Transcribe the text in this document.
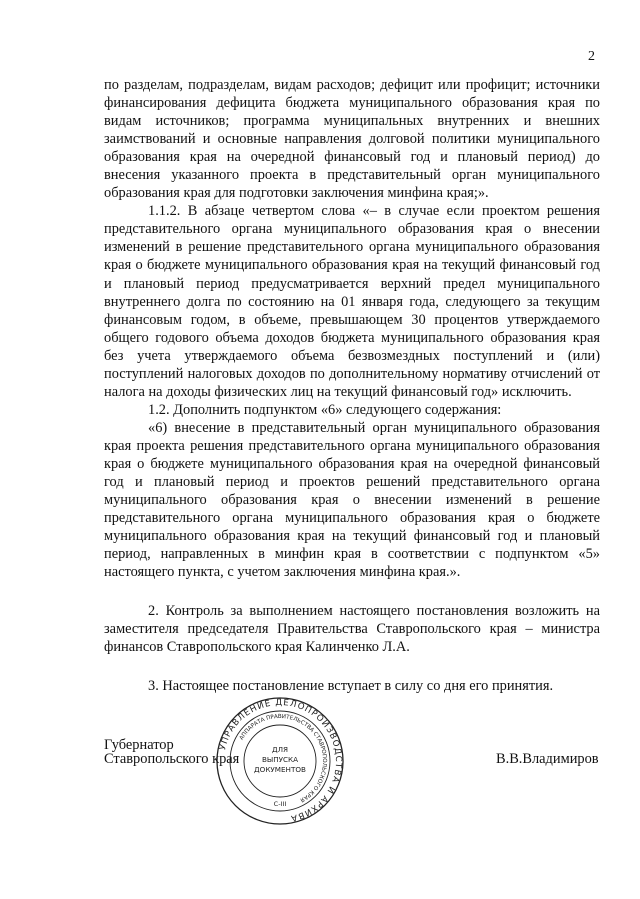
2

по разделам, подразделам, видам расходов; дефицит или профицит; источники финансирования дефицита бюджета муниципального образования края по видам источников; программа муниципальных внутренних и внешних заимствований и основные направления долговой политики муниципального образования края на очередной финансовый год и плановый период) до внесения указанного проекта в представительный орган муниципального образования края для подготовки заключения минфина края;».

1.1.2. В абзаце четвертом слова «– в случае если проектом решения представительного органа муниципального образования края о внесении изменений в решение представительного органа муниципального образования края о бюджете муниципального образования края на текущий финансовый год и плановый период предусматривается верхний предел муниципального внутреннего долга по состоянию на 01 января года, следующего за текущим финансовым годом, в объеме, превышающем 30 процентов утверждаемого общего годового объема доходов бюджета муниципального образования края без учета утверждаемого объема безвозмездных поступлений и (или) поступлений налоговых доходов по дополнительному нормативу отчислений от налога на доходы физических лиц на текущий финансовый год» исключить.

1.2. Дополнить подпунктом «6» следующего содержания:

«6) внесение в представительный орган муниципального образования края проекта решения представительного органа муниципального образования края о бюджете муниципального образования края на очередной финансовый год и плановый период и проектов решений представительного органа муниципального образования края о внесении изменений в решение представительного органа муниципального образования края о бюджете муниципального образования края на текущий финансовый год и плановый период, направленных в минфин края в соответствии с подпунктом «5» настоящего пункта, с учетом заключения минфина края.».

2. Контроль за выполнением настоящего постановления возложить на заместителя председателя Правительства Ставропольского края – министра финансов Ставропольского края Калинченко Л.А.

3. Настоящее постановление вступает в силу со дня его принятия.

Губернатор
Ставропольского края	В.В.Владимиров
УПРАВЛЕНИЕ ДЕЛОПРОИЗВОДСТВА И АРХИВА
АППАРАТА ПРАВИТЕЛЬСТВА СТАВРОПОЛЬСКОГО КРАЯ
ДЛЯ
ВЫПУСКА
ДОКУМЕНТОВ
С-III
